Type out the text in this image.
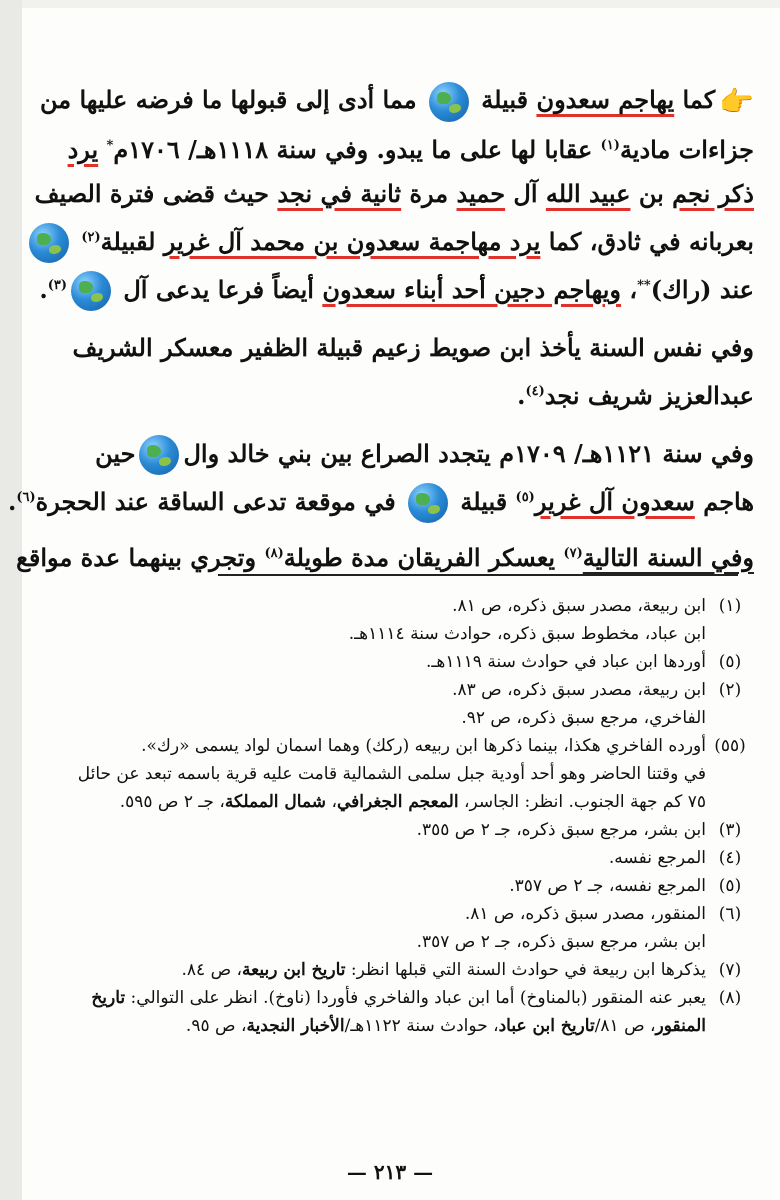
👉كما يهاجم سعدون قبيلة  مما أدى إلى قبولها ما فرضه عليها من
جزاءات مادية$^{(١)}$ عقابا لها على ما يبدو. وفي سنة ١١١٨هـ/ ١٧٠٦م* يرد
ذكر نجم بن عبيد الله آل حميد مرة ثانية في نجد حيث قضى فترة الصيف
بعربانه في ثادق، كما يرد مهاجمة سعدون بن محمد آل غرير لقبيلة$^{(٢)}$
عند (راك)**، ويهاجم دجين أحد أبناء سعدون أيضاً فرعا يدعى آل $^{(٣)}$.
وفي نفس السنة يأخذ ابن صويط زعيم قبيلة الظفير معسكر الشريف
عبدالعزيز شريف نجد$^{(٤)}$.
وفي سنة ١١٢١هـ/ ١٧٠٩م يتجدد الصراع بين بني خالد والحين
هاجم سعدون آل غرير$^{(٥)}$ قبيلة  في موقعة تدعى الساقة عند الحجرة$^{(٦)}$.
وفي السنة التالية$^{(٧)}$ يعسكر الفريقان مدة طويلة$^{(٨)}$ وتجري بينهما عدة مواقع
(١)
ابن ربيعة، مصدر سبق ذكره، ص ٨١.
ابن عباد، مخطوط سبق ذكره، حوادث سنة ١١١٤هـ.
(٥)
أوردها ابن عباد في حوادث سنة ١١١٩هـ.
(٢)
ابن ربيعة، مصدر سبق ذكره، ص ٨٣.
الفاخري، مرجع سبق ذكره، ص ٩٢.
(٥٥)
أورده الفاخري هكذا، بينما ذكرها ابن ربيعه (ركك) وهما اسمان لواد يسمى «رك».
في وقتنا الحاضر وهو أحد أودية جبل سلمى الشمالية قامت عليه قرية باسمه تبعد عن حائل
٧٥ كم جهة الجنوب. انظر: الجاسر، المعجم الجغرافي، شمال المملكة، جـ ٢ ص ٥٩٥.
(٣)
ابن بشر، مرجع سبق ذكره، جـ ٢ ص ٣٥٥.
(٤)
المرجع نفسه.
(٥)
المرجع نفسه، جـ ٢ ص ٣٥٧.
(٦)
المنقور، مصدر سبق ذكره، ص ٨١.
ابن بشر، مرجع سبق ذكره، جـ ٢ ص ٣٥٧.
(٧)
يذكرها ابن ربيعة في حوادث السنة التي قبلها انظر: تاريخ ابن ربيعة، ص ٨٤.
(٨)
يعبر عنه المنقور (بالمناوخ) أما ابن عباد والفاخري فأوردا (ناوخ). انظر على التوالي: تاريخ
المنقور، ص ٨١/تاريخ ابن عباد، حوادث سنة ١١٢٢هـ/الأخبار النجدية، ص ٩٥.
— ٢١٣ —
